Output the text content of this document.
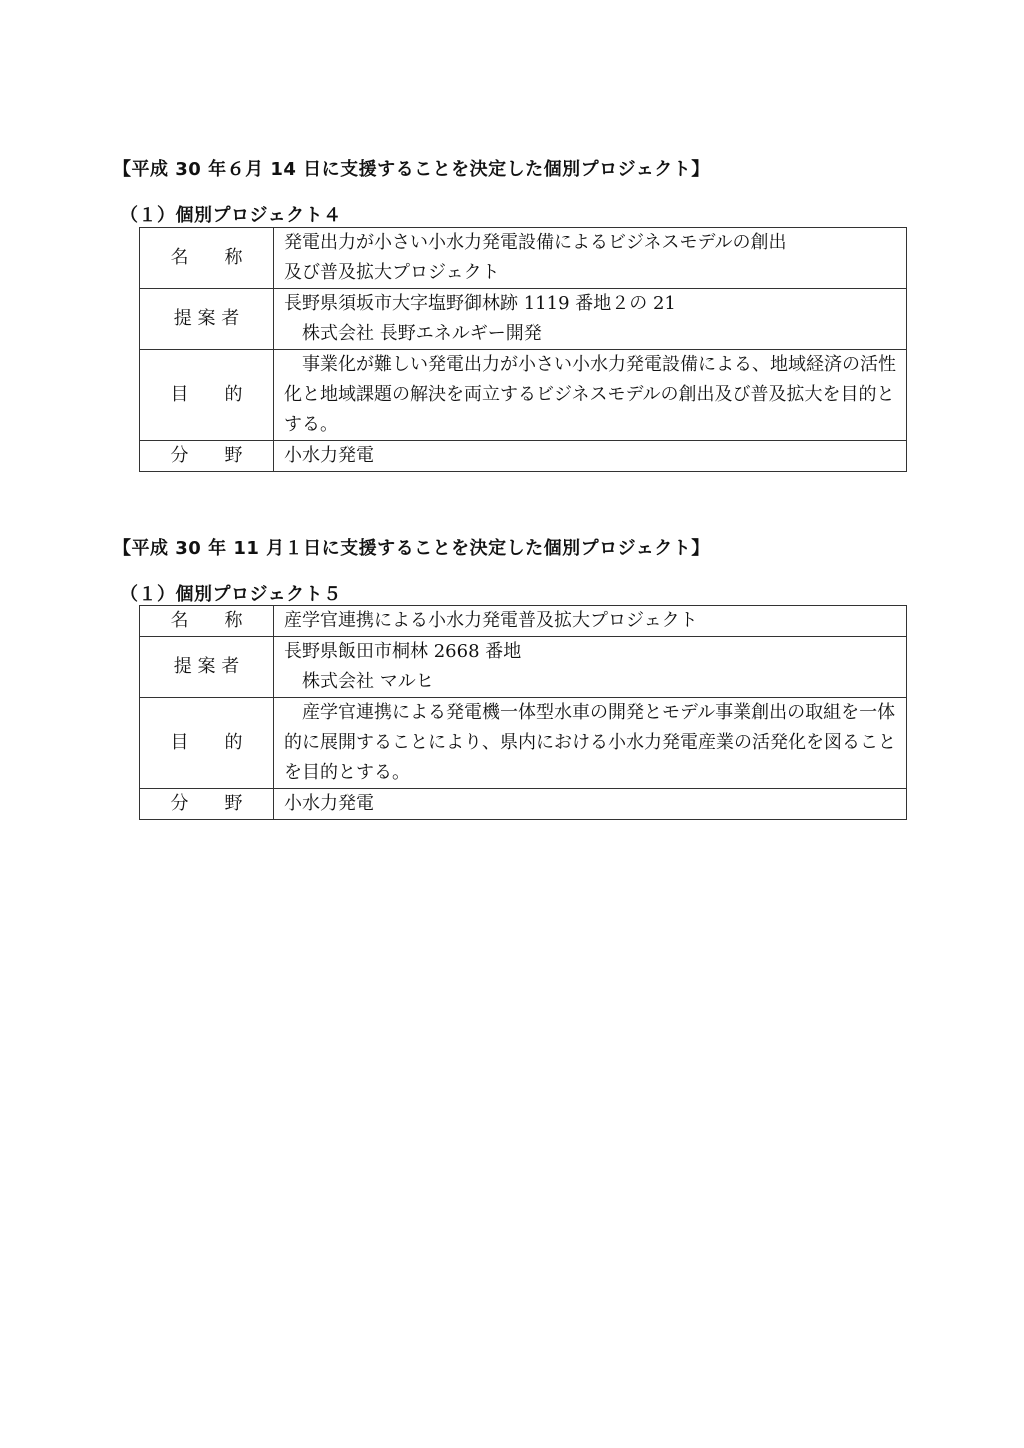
【平成 30 年６月 14 日に支援することを決定した個別プロジェクト】
（１）個別プロジェクト４
名　　称	発電出力が小さい小水力発電設備によるビジネスモデルの創出
及び普及拡大プロジェクト

提 案 者	長野県須坂市大字塩野御林跡 1119 番地２の 21
株式会社 長野エネルギー開発

目　　的	事業化が難しい発電出力が小さい小水力発電設備による、地域経済の活性化と地域課題の解決を両立するビジネスモデルの創出及び普及拡大を目的とする。

分　　野	小水力発電
【平成 30 年 11 月１日に支援することを決定した個別プロジェクト】
（１）個別プロジェクト５
名　　称	産学官連携による小水力発電普及拡大プロジェクト

提 案 者	長野県飯田市桐林 2668 番地
株式会社 マルヒ

目　　的	産学官連携による発電機一体型水車の開発とモデル事業創出の取組を一体的に展開することにより、県内における小水力発電産業の活発化を図ることを目的とする。

分　　野	小水力発電
